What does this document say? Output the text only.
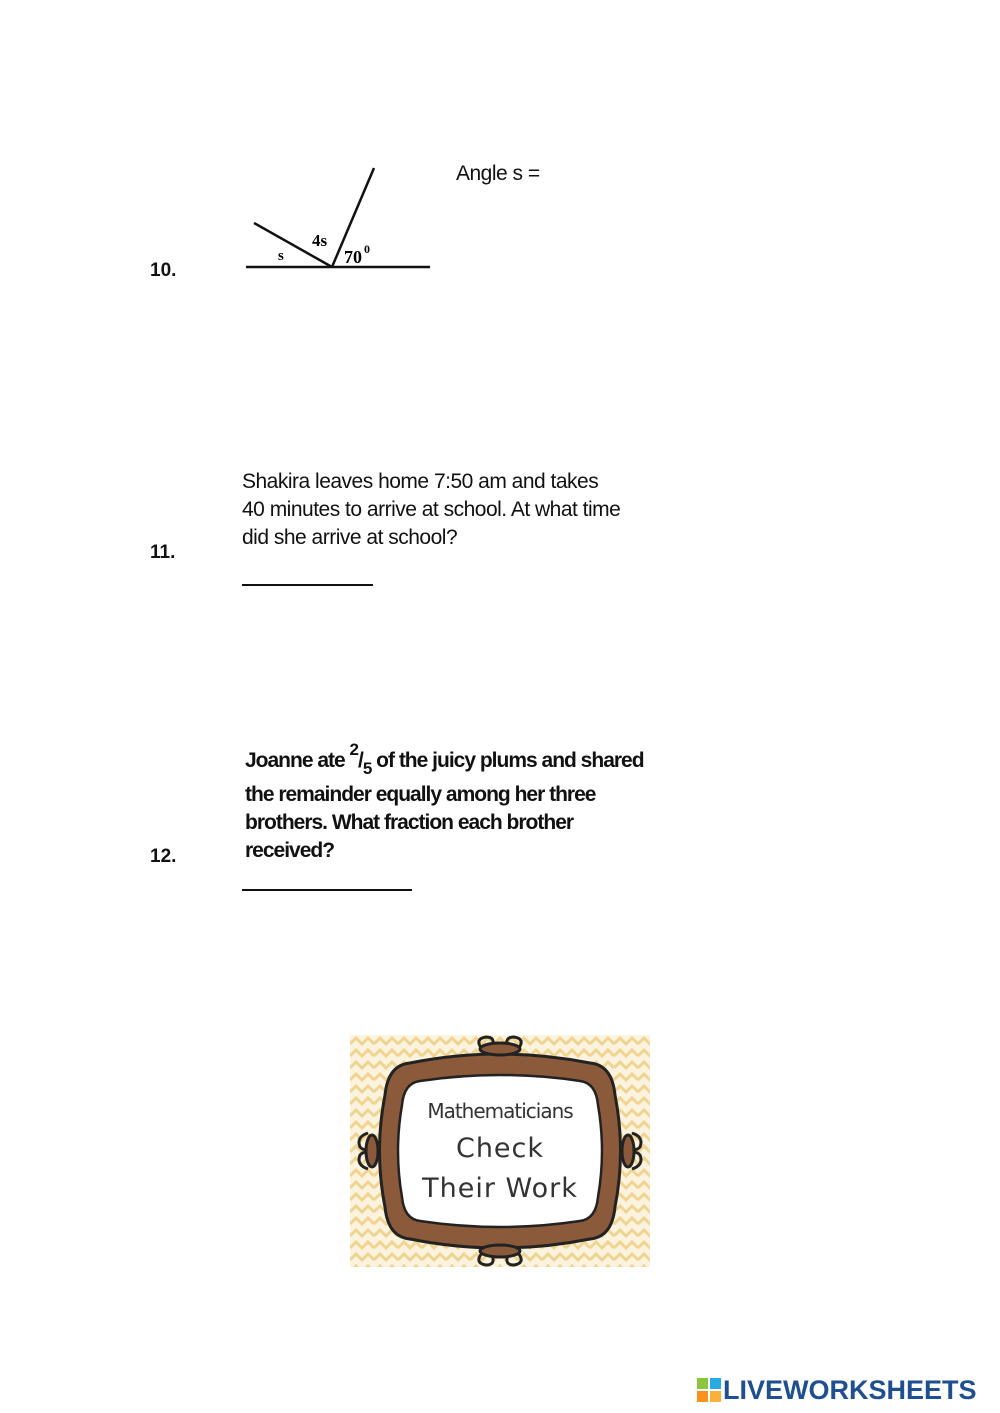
10.
s
4s
70 0
Angle s =
11.
Shakira leaves home 7:50 am and takes
40 minutes to arrive at school. At what time
did she arrive at school?
12.
Joanne ate $^2/_5$ of the juicy plums and shared
the remainder equally among her three
brothers. What fraction each brother
received?
Mathematicians
Check
Their Work
LIVEWORKSHEETS
